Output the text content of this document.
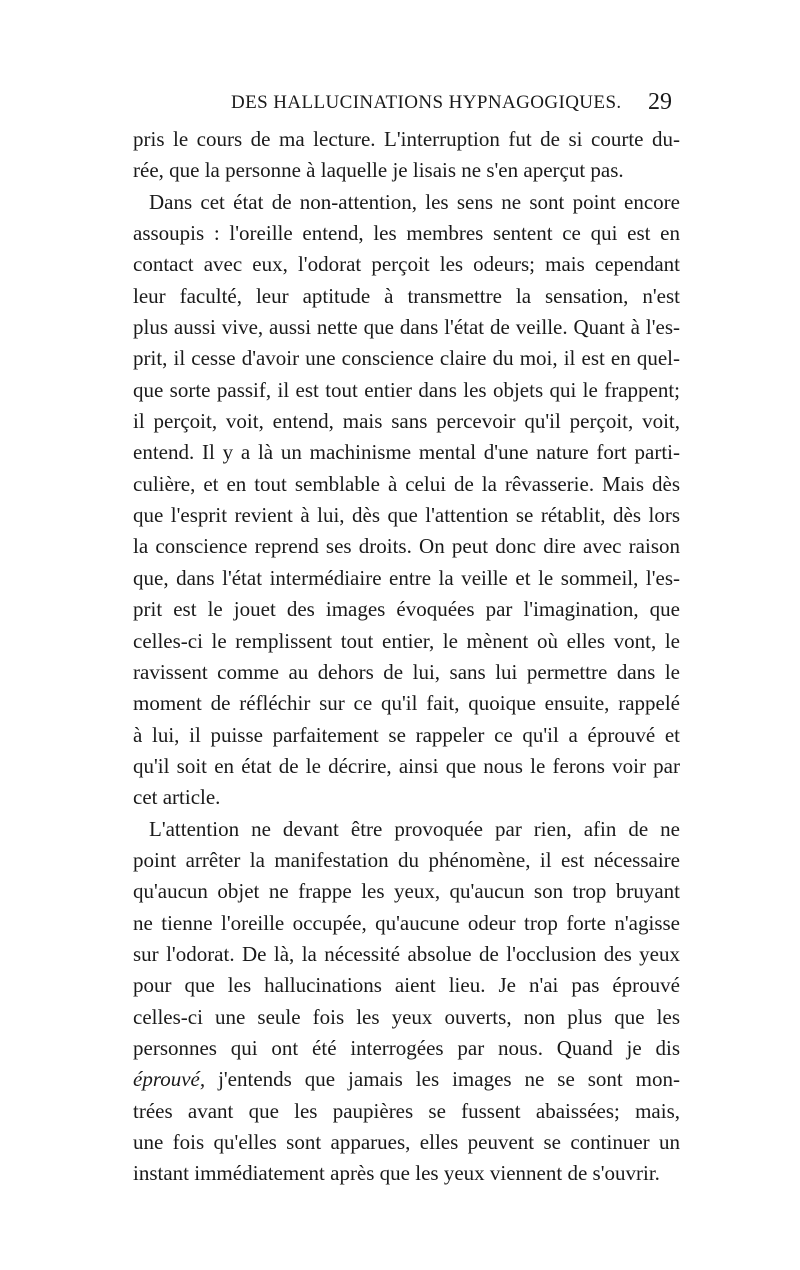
DES HALLUCINATIONS HYPNAGOGIQUES. 29
pris le cours de ma lecture. L'interruption fut de si courte du-
rée, que la personne à laquelle je lisais ne s'en aperçut pas.
Dans cet état de non-attention, les sens ne sont point encore
assoupis : l'oreille entend, les membres sentent ce qui est en
contact avec eux, l'odorat perçoit les odeurs; mais cependant
leur faculté, leur aptitude à transmettre la sensation, n'est
plus aussi vive, aussi nette que dans l'état de veille. Quant à l'es-
prit, il cesse d'avoir une conscience claire du moi, il est en quel-
que sorte passif, il est tout entier dans les objets qui le frappent;
il perçoit, voit, entend, mais sans percevoir qu'il perçoit, voit,
entend. Il y a là un machinisme mental d'une nature fort parti-
culière, et en tout semblable à celui de la rêvasserie. Mais dès
que l'esprit revient à lui, dès que l'attention se rétablit, dès lors
la conscience reprend ses droits. On peut donc dire avec raison
que, dans l'état intermédiaire entre la veille et le sommeil, l'es-
prit est le jouet des images évoquées par l'imagination, que
celles-ci le remplissent tout entier, le mènent où elles vont, le
ravissent comme au dehors de lui, sans lui permettre dans le
moment de réfléchir sur ce qu'il fait, quoique ensuite, rappelé
à lui, il puisse parfaitement se rappeler ce qu'il a éprouvé et
qu'il soit en état de le décrire, ainsi que nous le ferons voir par
cet article.
L'attention ne devant être provoquée par rien, afin de ne
point arrêter la manifestation du phénomène, il est nécessaire
qu'aucun objet ne frappe les yeux, qu'aucun son trop bruyant
ne tienne l'oreille occupée, qu'aucune odeur trop forte n'agisse
sur l'odorat. De là, la nécessité absolue de l'occlusion des yeux
pour que les hallucinations aient lieu. Je n'ai pas éprouvé
celles-ci une seule fois les yeux ouverts, non plus que les
personnes qui ont été interrogées par nous. Quand je dis
éprouvé, j'entends que jamais les images ne se sont mon-
trées avant que les paupières se fussent abaissées; mais,
une fois qu'elles sont apparues, elles peuvent se continuer un
instant immédiatement après que les yeux viennent de s'ouvrir.
